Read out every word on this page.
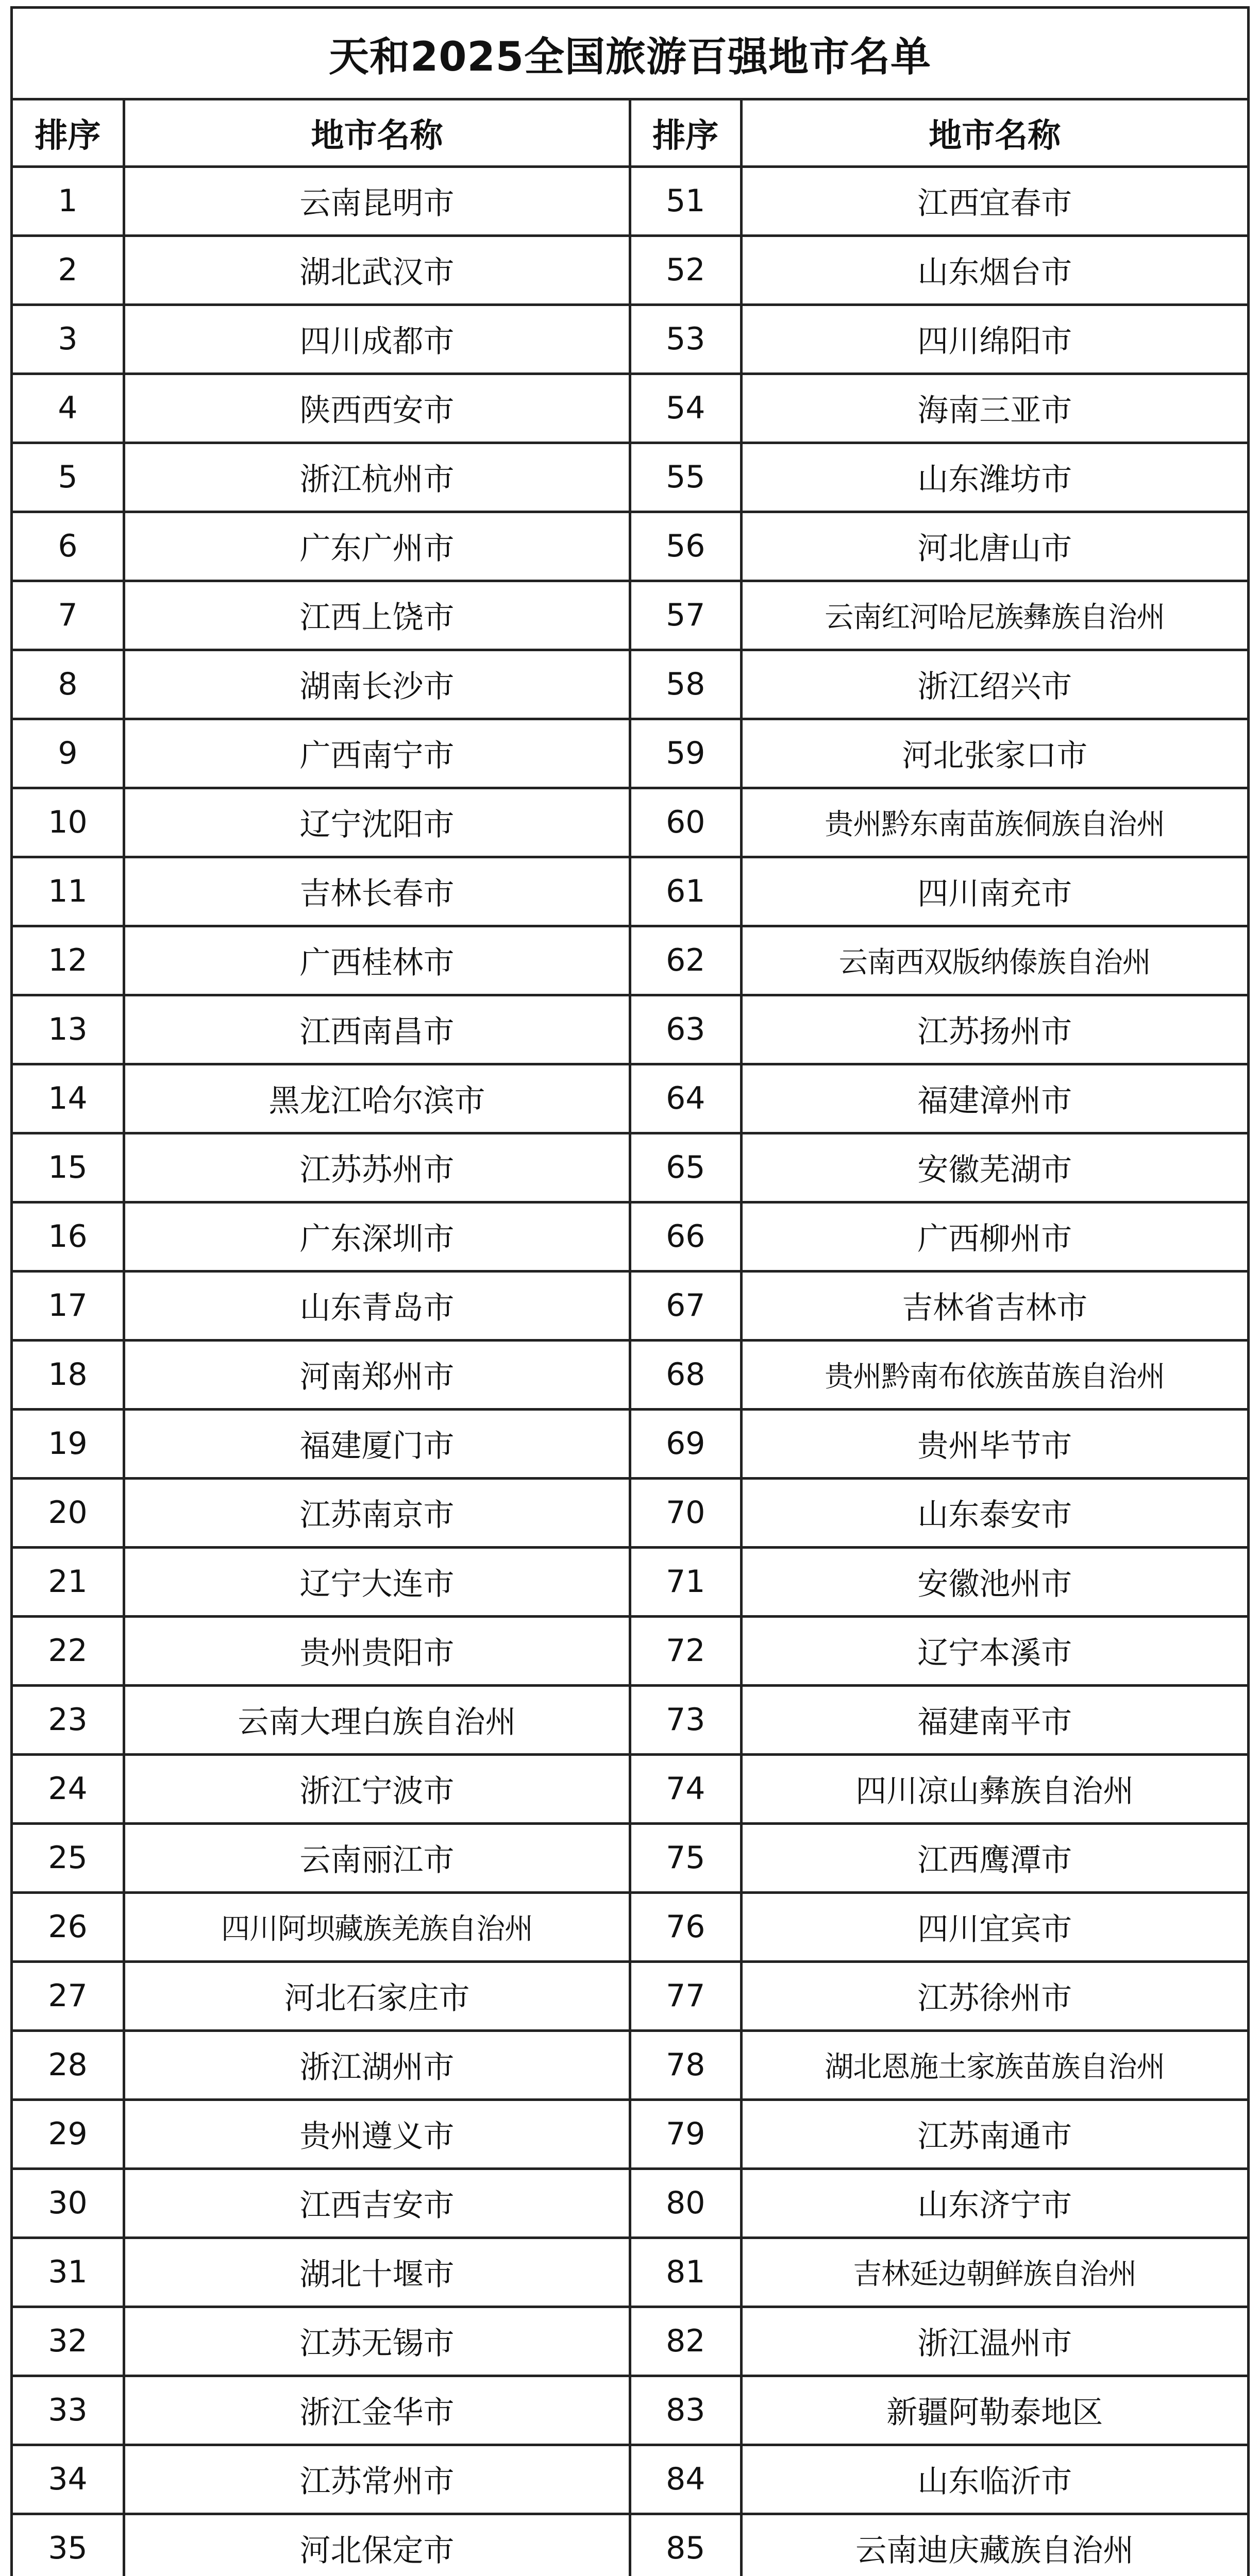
天和2025全国旅游百强地市名单
排序	地市名称	排序	地市名称
1	云南昆明市	51	江西宜春市
2	湖北武汉市	52	山东烟台市
3	四川成都市	53	四川绵阳市
4	陕西西安市	54	海南三亚市
5	浙江杭州市	55	山东潍坊市
6	广东广州市	56	河北唐山市
7	江西上饶市	57	云南红河哈尼族彝族自治州
8	湖南长沙市	58	浙江绍兴市
9	广西南宁市	59	河北张家口市
10	辽宁沈阳市	60	贵州黔东南苗族侗族自治州
11	吉林长春市	61	四川南充市
12	广西桂林市	62	云南西双版纳傣族自治州
13	江西南昌市	63	江苏扬州市
14	黑龙江哈尔滨市	64	福建漳州市
15	江苏苏州市	65	安徽芜湖市
16	广东深圳市	66	广西柳州市
17	山东青岛市	67	吉林省吉林市
18	河南郑州市	68	贵州黔南布依族苗族自治州
19	福建厦门市	69	贵州毕节市
20	江苏南京市	70	山东泰安市
21	辽宁大连市	71	安徽池州市
22	贵州贵阳市	72	辽宁本溪市
23	云南大理白族自治州	73	福建南平市
24	浙江宁波市	74	四川凉山彝族自治州
25	云南丽江市	75	江西鹰潭市
26	四川阿坝藏族羌族自治州	76	四川宜宾市
27	河北石家庄市	77	江苏徐州市
28	浙江湖州市	78	湖北恩施土家族苗族自治州
29	贵州遵义市	79	江苏南通市
30	江西吉安市	80	山东济宁市
31	湖北十堰市	81	吉林延边朝鲜族自治州
32	江苏无锡市	82	浙江温州市
33	浙江金华市	83	新疆阿勒泰地区
34	江苏常州市	84	山东临沂市
35	河北保定市	85	云南迪庆藏族自治州
